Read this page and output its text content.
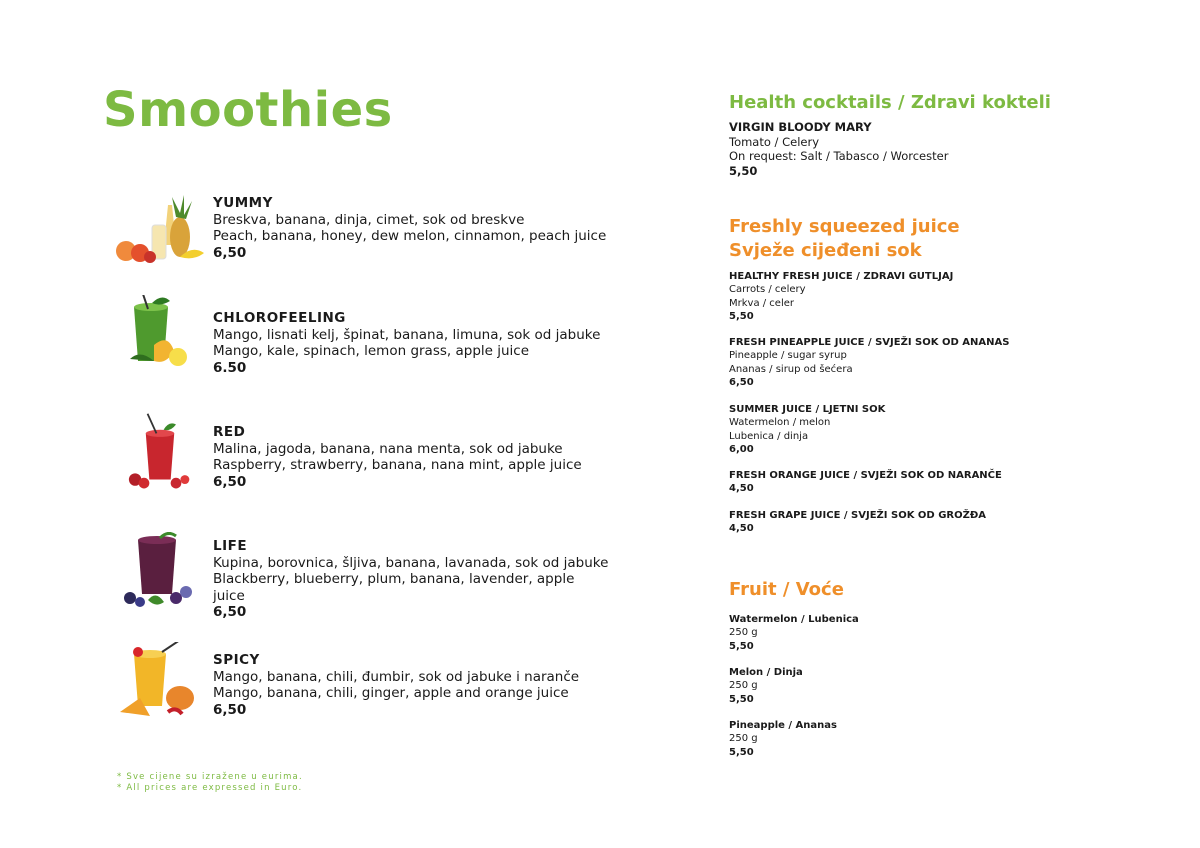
Smoothies
YUMMY
Breskva, banana, dinja, cimet, sok od breskve
Peach, banana, honey, dew melon, cinnamon, peach juice
6,50
CHLOROFEELING
Mango, lisnati kelj, špinat, banana, limuna, sok od jabuke
Mango, kale, spinach, lemon grass, apple juice
6.50
RED
Malina, jagoda, banana, nana menta, sok od jabuke
Raspberry, strawberry, banana, nana mint, apple juice
6,50
LIFE
Kupina, borovnica, šljiva, banana, lavanada, sok od jabuke
Blackberry, blueberry, plum, banana, lavender, apple juice
6,50
SPICY
Mango, banana, chili, đumbir, sok od jabuke i naranče
Mango, banana, chili, ginger, apple and orange juice
6,50
* Sve cijene su izražene u eurima.
* All prices are expressed in Euro.
Health cocktails / Zdravi kokteli
VIRGIN BLOODY MARY
Tomato / Celery
On request: Salt / Tabasco / Worcester
5,50
Freshly squeezed juice
Svježe cijeđeni sok
HEALTHY FRESH JUICE / ZDRAVI GUTLJAJ
Carrots / celery
Mrkva / celer
5,50
FRESH PINEAPPLE JUICE / SVJEŽI SOK OD ANANAS
Pineapple / sugar syrup
Ananas / sirup od šećera
6,50
SUMMER JUICE / LJETNI SOK
Watermelon / melon
Lubenica / dinja
6,00
FRESH ORANGE JUICE / SVJEŽI SOK OD NARANČE
4,50
FRESH GRAPE JUICE / SVJEŽI SOK OD GROŽĐA
4,50
Fruit / Voće
Watermelon / Lubenica
250 g
5,50
Melon / Dinja
250 g
5,50
Pineapple / Ananas
250 g
5,50
